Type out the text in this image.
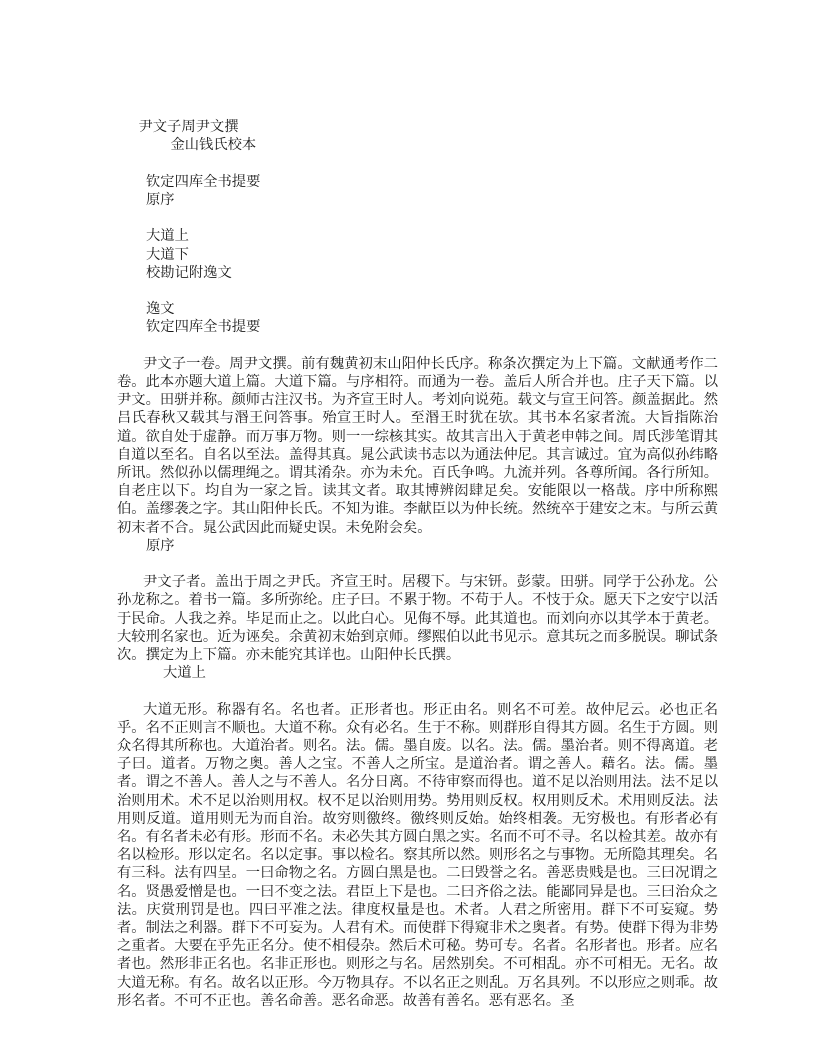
尹文子周尹文撰
金山钱氏校本

钦定四库全书提要
原序
大道上
大道下
校勘记附逸文
逸文
钦定四库全书提要

尹文子一卷。周尹文撰。前有魏黄初末山阳仲长氏序。称条次撰定为上下篇。文献通考作二卷。此本亦题大道上篇。大道下篇。与序相符。而通为一卷。盖后人所合并也。庄子天下篇。以尹文。田骈并称。颜师古注汉书。为齐宣王时人。考刘向说苑。载文与宣王问答。颜盖据此。然吕氏春秋又载其与湣王问答事。殆宣王时人。至湣王时犹在欤。其书本名家者流。大旨指陈治道。欲自处于虚静。而万事万物。则一一综核其实。故其言出入于黄老申韩之间。周氏涉笔谓其自道以至名。自名以至法。盖得其真。晁公武读书志以为通法仲尼。其言诚过。宜为高似孙纬略所讯。然似孙以儒理绳之。谓其淆杂。亦为未允。百氏争鸣。九流并列。各尊所闻。各行所知。自老庄以下。均自为一家之旨。读其文者。取其博辨闳肆足矣。安能限以一格哉。序中所称熙伯。盖缪袭之字。其山阳仲长氏。不知为谁。李献臣以为仲长统。然统卒于建安之末。与所云黄初末者不合。晁公武因此而疑史误。未免附会矣。

原序

尹文子者。盖出于周之尹氏。齐宣王时。居稷下。与宋钘。彭蒙。田骈。同学于公孙龙。公孙龙称之。着书一篇。多所弥纶。庄子曰。不累于物。不苟于人。不忮于众。愿天下之安宁以活于民命。人我之养。毕足而止之。以此白心。见侮不辱。此其道也。而刘向亦以其学本于黄老。大较刑名家也。近为诬矣。余黄初末始到京师。缪熙伯以此书见示。意其玩之而多脱误。聊试条次。撰定为上下篇。亦未能究其详也。山阳仲长氏撰。

大道上

大道无形。称器有名。名也者。正形者也。形正由名。则名不可差。故仲尼云。必也正名乎。名不正则言不顺也。大道不称。众有必名。生于不称。则群形自得其方圆。名生于方圆。则众名得其所称也。大道治者。则名。法。儒。墨自废。以名。法。儒。墨治者。则不得离道。老子曰。道者。万物之奥。善人之宝。不善人之所宝。是道治者。谓之善人。藉名。法。儒。墨者。谓之不善人。善人之与不善人。名分日离。不待审察而得也。道不足以治则用法。法不足以治则用术。术不足以治则用权。权不足以治则用势。势用则反权。权用则反术。术用则反法。法用则反道。道用则无为而自治。故穷则徼终。徼终则反始。始终相袭。无穷极也。有形者必有名。有名者未必有形。形而不名。未必失其方圆白黑之实。名而不可不寻。名以检其差。故亦有名以检形。形以定名。名以定事。事以检名。察其所以然。则形名之与事物。无所隐其理矣。名有三科。法有四呈。一曰命物之名。方圆白黑是也。二曰毁誉之名。善恶贵贱是也。三曰况谓之名。贤愚爱憎是也。一曰不变之法。君臣上下是也。二曰齐俗之法。能鄙同异是也。三曰治众之法。庆赏刑罚是也。四曰平准之法。律度权量是也。术者。人君之所密用。群下不可妄窥。势者。制法之利器。群下不可妄为。人君有术。而使群下得窥非术之奥者。有势。使群下得为非势之重者。大要在乎先正名分。使不相侵杂。然后术可秘。势可专。名者。名形者也。形者。应名者也。然形非正名也。名非正形也。则形之与名。居然别矣。不可相乱。亦不可相无。无名。故大道无称。有名。故名以正形。今万物具存。不以名正之则乱。万名具列。不以形应之则乖。故形名者。不可不正也。善名命善。恶名命恶。故善有善名。恶有恶名。圣
